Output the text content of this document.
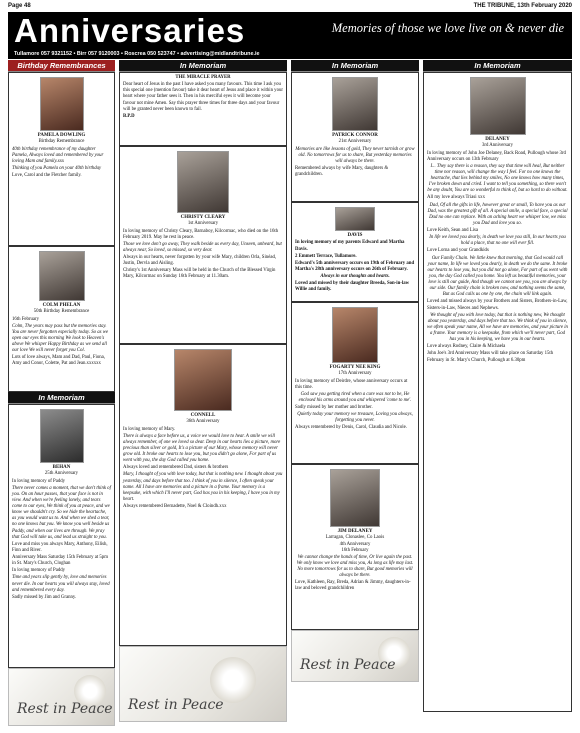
Page 48	THE TRIBUNE, 13th February 2020
Anniversaries	Memories of those we love live on & never die
Tullamore 057 9321152 • Birr 057 9120003 • Roscrea 050 523747 • advertising@midlandtribune.ie
Birthday Remembrances
PAMELA DOWLING
Birthday Remembrance

40th birthday remembrance of my daughter Pamela, Always loved and remembered by your loving Mam and family.xxx

Thinking of you Pamela on your 40th birthday

Love, Carol and the Fletcher family.

COLM PHELAN
50th Birthday Remembrance

16th February

Colm, The years may pass but the memories stay. You are never forgotten especially today. So as we open our eyes this morning We look to Heaven's above We whisper Happy Birthday as we send all our love We will never forget you Col.

Lots of love always, Mam and Dad, Paul, Fiona, Amy and Conor, Colette, Pat and Jean.xxxxxx

In Memoriam
BEHAN
25th Anniversary

In loving memory of Paddy

There never comes a moment, that we don't think of you. On an hour passes, that your face is not in view. And when we're feeling lonely, and tears come to our eyes, We think of you at peace, and we know we shouldn't cry. So we hide the heartache, as you would want us to. And when we shed a tear, no one knows but you. We know you well beside us Paddy, and when our lives are through. We pray that God will take us, and lead us straight to you.

Love and miss you always Mary, Anthony, Eilish, Finn and River.

Anniversary Mass Saturday 15th February at 5pm in St. Mary's Church, Cloghan

In loving memory of Paddy

Time and years slip gently by, love and memories never die. In our hearts you will always stay, loved and remembered every day.

Sadly missed by Jim and Granny.

Rest in Peace
In Memoriam
THE MIRACLE PRAYER

Dear heart of Jesus in the past I have asked you many favours. This time I ask you this special one (mention favour) take it dear heart of Jesus and place it within your heart where your father sees it. Then in his merciful eyes it will become your favour not mine Amen. Say this prayer three times for three days and your favour will be granted never been known to fail.

B.P.D

CHRISTY CLEARY
1st Anniversary

In loving memory of Christy Cleary, Barnaboy, Kilcormac, who died on the 16th February 2019. May he rest in peace.

Those we love don't go away, They walk beside us every day, Unseen, unheard, but always near, So loved, so missed, so very dear.

Always in our hearts, never forgotten by your wife Mary, children Orla, Sinéad, Justin, Dervla and Aisling.

Christy's 1st Anniversary Mass will be held in the Church of the Blessed Virgin Mary, Kilcormac on Sunday 16th February at 11.30am.

CONNELL
36th Anniversary

In loving memory of Mary.

There is always a face before us, a voice we would love to hear. A smile we will always remember, of one we loved so dear. Deep in our hearts lies a picture, more precious than silver or gold, It's a picture of our Mary, whose memory will never grow old. It broke our hearts to lose you, but you didn't go alone, For part of us went with you, the day God called you home.

Always loved and remembered Dad, sisters & brothers

Mary, I thought of you with love today, but that is nothing new. I thought about you yesterday, and days before that too. I think of you in silence, I often speak your name. All I have are memories and a picture in a frame. Your memory is a keepsake, with which I'll never part, God has you in his keeping, I have you in my heart.

Always remembered Bernadette, Noel & Cloindh.xxx

Rest in Peace
In Memoriam
PATRICK CONNOR
21st Anniversary

Memories are like lessons of gold, They never tarnish or grow old. No tomorrows for us to share, But yesterday memories will always be there.

Remembered always by wife Mary, daughters & grandchildren.

DAVIS

In loving memory of my parents Edward and Martha Davis.

2 Emmett Terrace, Tullamore.

Edward's 5th anniversary occurs on 19th of February and Martha's 28th anniversary occurs on 26th of February.

Always in our thoughts and hearts.

Loved and missed by their daughter Breeda, Son-in-law Willie and family.

FOGARTY NEE KING
17th Anniversary

In loving memory of Deirdre, whose anniversary occurs at this time.

God saw you getting tired when a cure was not to be, He enclosed his arms around you and whispered 'come to me'.

Sadly missed by her mother and brother.

Quietly today your memory we treasure, Loving you always, forgetting you never.

Always remembered by Denis, Carol, Claudia and Nicole.

JIM DELANEY
Larragan, Clonaslee, Co Laois
4th Anniversary
16th February

We cannot change the hands of time, Or live again the past. We only know we love and miss you, As long as life may last. No more tomorrows for us to share, But good memories will always be there.

Love, Kathleen, Ray, Breda, Adrian & Jimmy, daughters-in-law and beloved grandchildren

Rest in Peace
In Memoriam
DELANEY
3rd Anniversary

In loving memory of John Joe Delaney, Back Road, Pullough whose 3rd Anniversary occurs on 13th February

I... They say there is a reason, they say that time will heal, But neither time nor reason, will change the way I feel. For no one knows the heartache, that lies behind my smiles, No one knows how many times, I've broken down and cried. I want to tell you something, so there won't be any doubt, You are so wonderful to think of, but so hard to do without.

All my love always Triasi xxx

Dad, Of all the gifts in life, however great or small, To have you as our Dad, was the greatest gift of all. A special smile, a special face, a special Dad no one can replace. With an aching heart we whisper low, we miss you Dad and love you so.

Love Keith, Sean and Lisa

In life we loved you dearly, in death we love you still, In our hearts you hold a place, that no one will ever fill.

Love Lorna and your Grandkids

Our Family Chain. We little knew that morning, that God would call your name, In life we loved you dearly, in death we do the same. It broke our hearts to lose you, but you did not go alone, For part of us went with you, the day God called you home. You left us beautiful memories, your love is still our guide, And though we cannot see you, you are always by our side. Our family chain is broken now, and nothing seems the same, But as God calls us one by one, the chain will link again.

Loved and missed always by your Brothers and Sisters, Brothers-in-Law, Sisters-in-Law, Nieces and Nephews.

We thought of you with love today, but that is nothing new, We thought about you yesterday, and days before that too. We think of you in silence, we often speak your name, All we have are memories, and your picture in a frame. Your memory is a keepsake, from which we'll never part, God has you in his keeping, we have you in our hearts.

Love always Rodney, Claire & Michaela

John Joe's 3rd Anniversary Mass will take place on Saturday 15th February in St. Mary's Church, Pullough at 6.30pm
